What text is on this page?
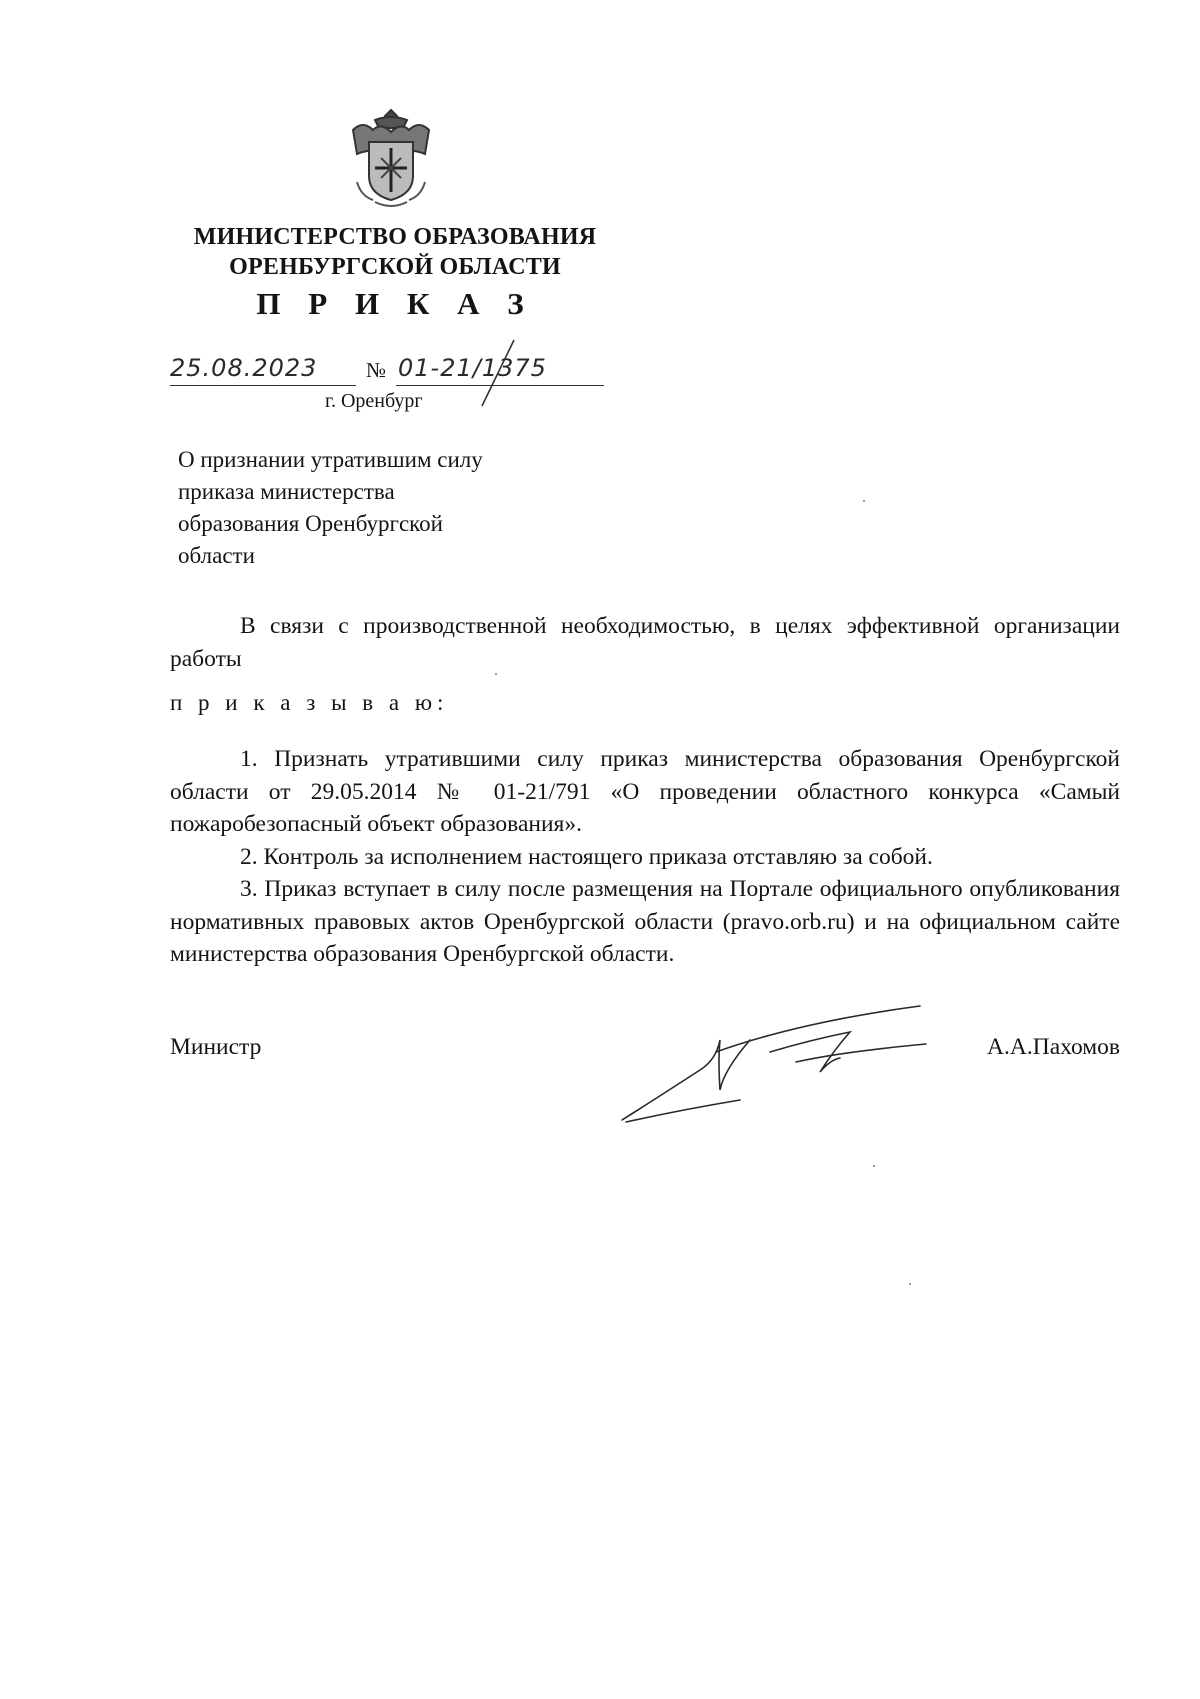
МИНИСТЕРСТВО ОБРАЗОВАНИЯ
ОРЕНБУРГСКОЙ ОБЛАСТИ
П Р И К А З
25.08.2023 № 01-21/1375
г. Оренбург
О признании утратившим силу
приказа министерства
образования Оренбургской
области

В связи с производственной необходимостью, в целях эффективной организации работы

п р и к а з ы в а ю:

1. Признать утратившими силу приказ министерства образования Оренбургской области от 29.05.2014 № 01-21/791 «О проведении областного конкурса «Самый пожаробезопасный объект образования».

2. Контроль за исполнением настоящего приказа отставляю за собой.

3. Приказ вступает в силу после размещения на Портале официального опубликования нормативных правовых актов Оренбургской области (pravo.orb.ru) и на официальном сайте министерства образования Оренбургской области.

Министр	А.А.Пахомов
